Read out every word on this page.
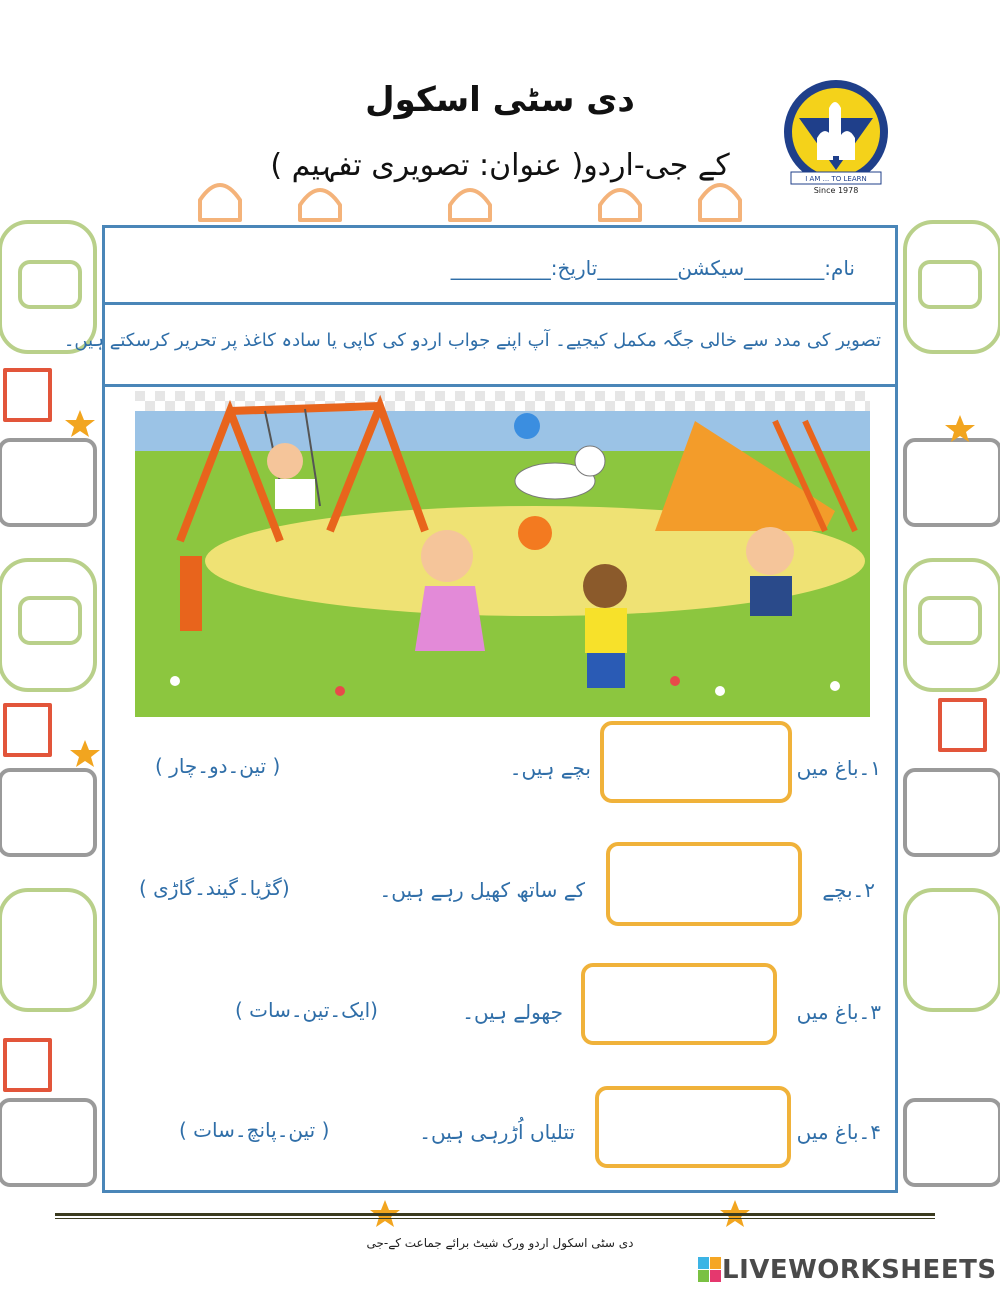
دی سٹی اسکول
کے جی-اردو( عنوان: تصویری تفہیم )	I AM ... TO LEARN
Since 1978
نام:________سیکشن________تاریخ:__________
تصویر کی مدد سے خالی جگہ مکمل کیجیے۔ آپ اپنے جواب اردو کی کاپی یا سادہ کاغذ پر تحریر کرسکتے ہیں۔
۱۔باغ میں
بچے ہیں۔
( تین۔دو۔چار )
۲۔بچے
کے ساتھ کھیل رہے ہیں۔
(گڑیا۔گیند۔گاڑی )
۳۔باغ میں
جھولے ہیں۔
(ایک۔تین۔سات )
۴۔باغ میں
تتلیاں اُڑرہی ہیں۔
( تین۔پانچ۔سات )
دی سٹی اسکول اردو ورک شیٹ برائے جماعت کے-جی
LIVEWORKSHEETS
